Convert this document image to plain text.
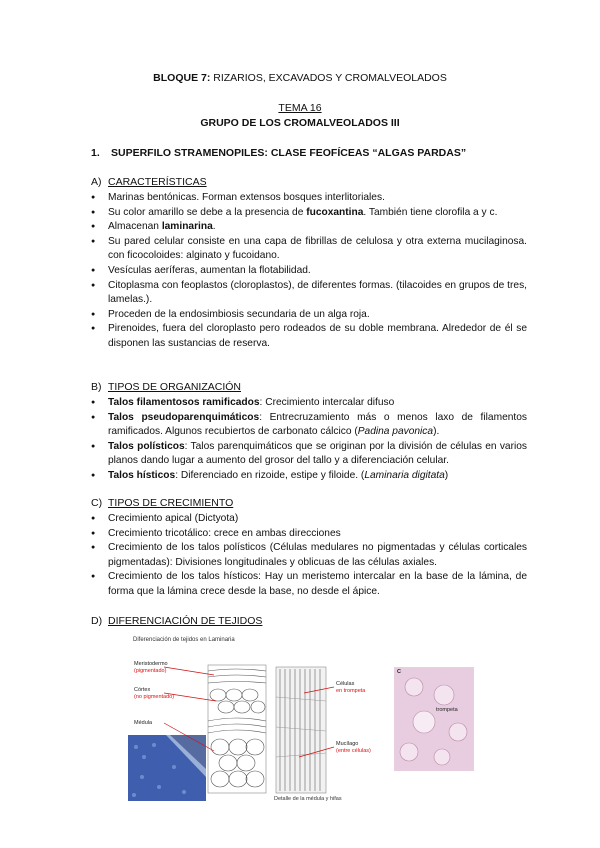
BLOQUE 7: RIZARIOS, EXCAVADOS Y CROMALVEOLADOS
TEMA 16
GRUPO DE LOS CROMALVEOLADOS III
1. SUPERFILO STRAMENOPILES: CLASE FEOFÍCEAS “ALGAS PARDAS”
A) CARACTERÍSTICAS
● Marinas bentónicas. Forman extensos bosques interlitoriales.
● Su color amarillo se debe a la presencia de fucoxantina. También tiene clorofila a y c.
● Almacenan laminarina.
● Su pared celular consiste en una capa de fibrillas de celulosa y otra externa mucilaginosa. con ficocoloides: alginato y fucoidano.
● Vesículas aeríferas, aumentan la flotabilidad.
● Citoplasma con feoplastos (cloroplastos), de diferentes formas. (tilacoides en grupos de tres, lamelas.).
● Proceden de la endosimbiosis secundaria de un alga roja.
● Pirenoides, fuera del cloroplasto pero rodeados de su doble membrana. Alrededor de él se disponen las sustancias de reserva.
B) TIPOS DE ORGANIZACIÓN
● Talos filamentosos ramificados: Crecimiento intercalar difuso
● Talos pseudoparenquimáticos: Entrecruzamiento más o menos laxo de filamentos ramificados. Algunos recubiertos de carbonato cálcico (Padina pavonica).
● Talos polísticos: Talos parenquimáticos que se originan por la división de células en varios planos dando lugar a aumento del grosor del tallo y a diferenciación celular.
● Talos hísticos: Diferenciado en rizoide, estipe y filoide. (Laminaria digitata)
C) TIPOS DE CRECIMIENTO
● Crecimiento apical (Dictyota)
● Crecimiento tricotálico: crece en ambas direcciones
● Crecimiento de los talos polísticos (Células medulares no pigmentadas y células corticales pigmentadas): Divisiones longitudinales y oblicuas de las células axiales.
● Crecimiento de los talos hísticos: Hay un meristemo intercalar en la base de la lámina, de forma que la lámina crece desde la base, no desde el ápice.
D) DIFERENCIACIÓN DE TEJIDOS
Diferenciación de tejidos en Laminaria
Meristodermo
(pigmentado)
Córtex
(no pigmentado)
Médula
Células
en trompeta
Mucílago
(entre células)
C
trompeta
Detalle de la médula y hifas
